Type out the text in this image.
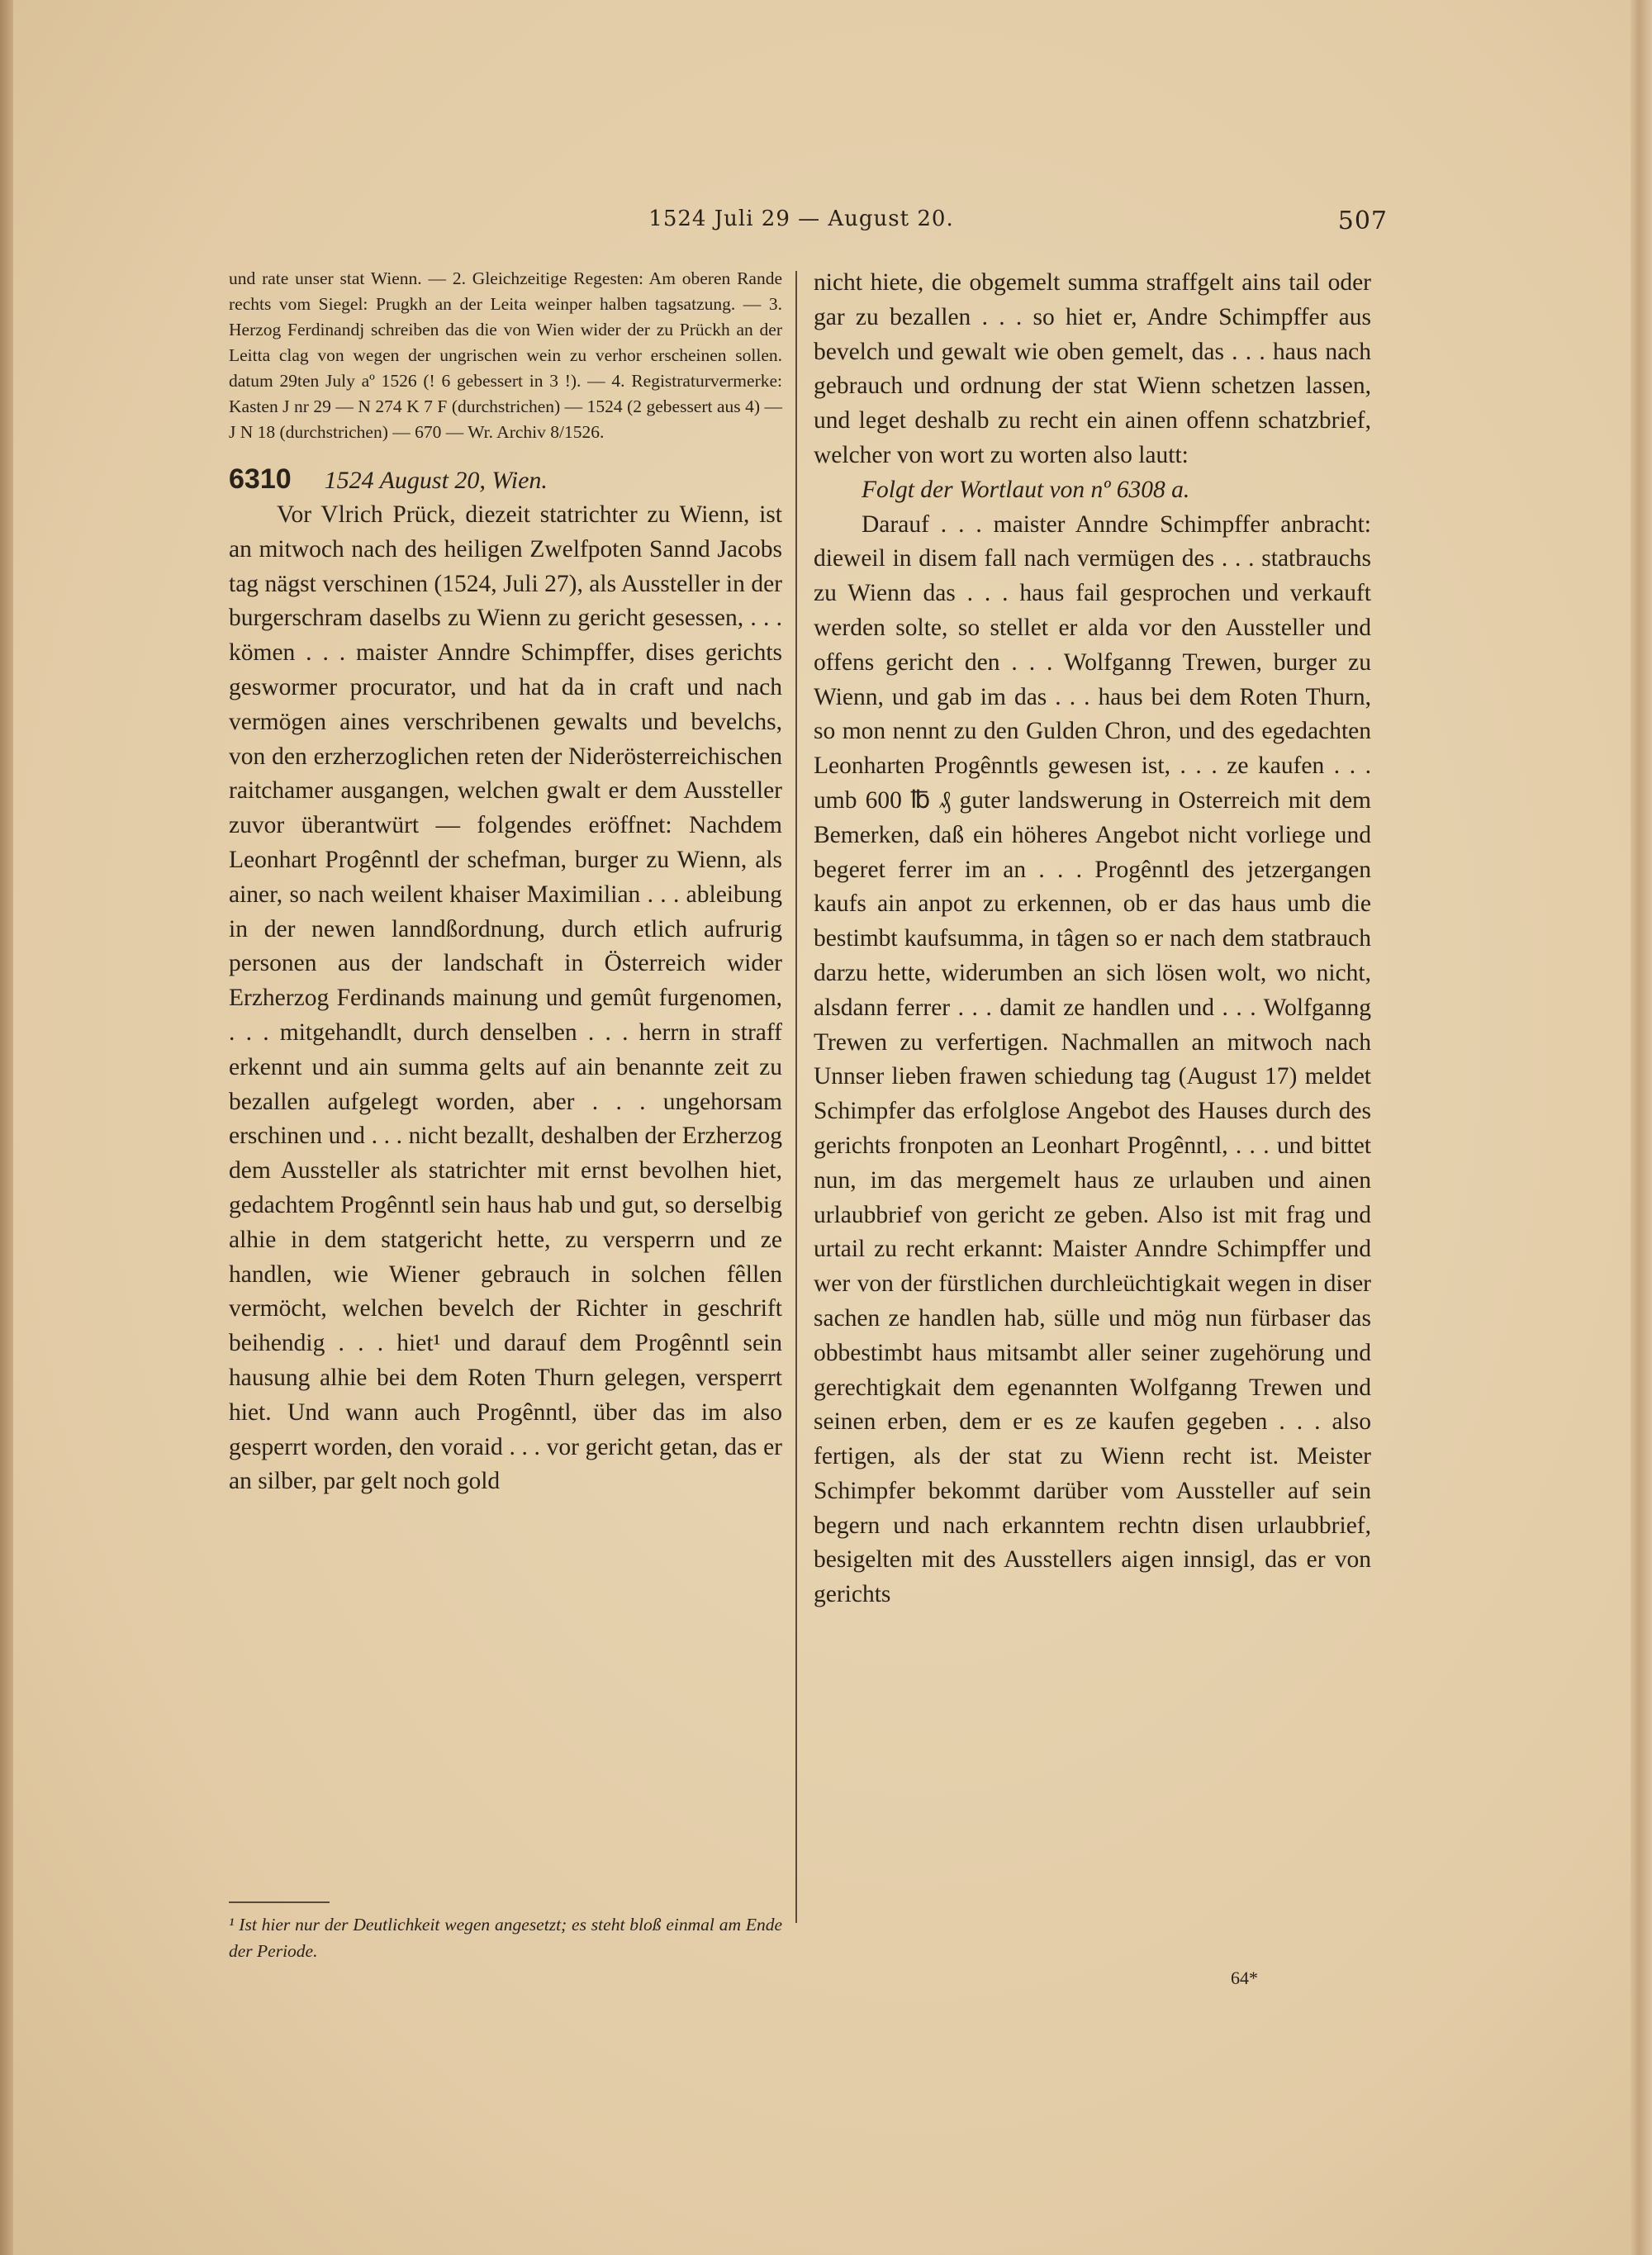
1524 Juli 29 — August 20.	507
und rate unser stat Wienn. — 2. Gleichzeitige Regesten: Am oberen Rande rechts vom Siegel: Prugkh an der Leita weinper halben tagsatzung. — 3. Herzog Ferdinandj schreiben das die von Wien wider der zu Prückh an der Leitta clag von wegen der ungrischen wein zu verhor erscheinen sollen. datum 29ten July aº 1526 (! 6 gebessert in 3 !). — 4. Registraturvermerke: Kasten J nr 29 — N 274 K 7 F (durchstrichen) — 1524 (2 gebessert aus 4) — J N 18 (durchstrichen) — 670 — Wr. Archiv 8/1526.
6310 1524 August 20, Wien.
Vor Vlrich Prück, diezeit statrichter zu Wienn, ist an mitwoch nach des heiligen Zwelfpoten Sannd Jacobs tag nägst verschinen (1524, Juli 27), als Aussteller in der burgerschram daselbs zu Wienn zu gericht gesessen, . . . kömen . . . maister Anndre Schimpffer, dises gerichts geswormer procurator, und hat da in craft und nach vermögen aines verschribenen gewalts und bevelchs, von den erzherzoglichen reten der Niderösterreichischen raitchamer ausgangen, welchen gwalt er dem Aussteller zuvor überantwürt — folgendes eröffnet: Nachdem Leonhart Progênntl der schefman, burger zu Wienn, als ainer, so nach weilent khaiser Maximilian . . . ableibung in der newen lanndßordnung, durch etlich aufrurig personen aus der landschaft in Österreich wider Erzherzog Ferdinands mainung und gemût furgenomen, . . . mitgehandlt, durch denselben . . . herrn in straff erkennt und ain summa gelts auf ain benannte zeit zu bezallen aufgelegt worden, aber . . . ungehorsam erschinen und . . . nicht bezallt, deshalben der Erzherzog dem Aussteller als statrichter mit ernst bevolhen hiet, gedachtem Progênntl sein haus hab und gut, so derselbig alhie in dem statgericht hette, zu versperrn und ze handlen, wie Wiener gebrauch in solchen fêllen vermöcht, welchen bevelch der Richter in geschrift beihendig . . . hiet¹ und darauf dem Progênntl sein hausung alhie bei dem Roten Thurn gelegen, versperrt hiet. Und wann auch Progênntl, über das im also gesperrt worden, den voraid . . . vor gericht getan, das er an silber, par gelt noch gold
nicht hiete, die obgemelt summa straffgelt ains tail oder gar zu bezallen . . . so hiet er, Andre Schimpffer aus bevelch und gewalt wie oben gemelt, das . . . haus nach gebrauch und ordnung der stat Wienn schetzen lassen, und leget deshalb zu recht ein ainen offenn schatzbrief, welcher von wort zu worten also lautt:
Folgt der Wortlaut von nº 6308 a.
Darauf . . . maister Anndre Schimpffer anbracht: dieweil in disem fall nach vermügen des . . . statbrauchs zu Wienn das . . . haus fail gesprochen und verkauft werden solte, so stellet er alda vor den Aussteller und offens gericht den . . . Wolfganng Trewen, burger zu Wienn, und gab im das . . . haus bei dem Roten Thurn, so mon nennt zu den Gulden Chron, und des egedachten Leonharten Progênntls gewesen ist, . . . ze kaufen . . . umb 600 ℔ ₰ guter landswerung in Osterreich mit dem Bemerken, daß ein höheres Angebot nicht vorliege und begeret ferrer im an . . . Progênntl des jetzergangen kaufs ain anpot zu erkennen, ob er das haus umb die bestimbt kaufsumma, in tâgen so er nach dem statbrauch darzu hette, widerumben an sich lösen wolt, wo nicht, alsdann ferrer . . . damit ze handlen und . . . Wolfganng Trewen zu verfertigen. Nachmallen an mitwoch nach Unnser lieben frawen schiedung tag (August 17) meldet Schimpfer das erfolglose Angebot des Hauses durch des gerichts fronpoten an Leonhart Progênntl, . . . und bittet nun, im das mergemelt haus ze urlauben und ainen urlaubbrief von gericht ze geben. Also ist mit frag und urtail zu recht erkannt: Maister Anndre Schimpffer und wer von der fürstlichen durchleüchtigkait wegen in diser sachen ze handlen hab, sülle und mög nun fürbaser das obbestimbt haus mitsambt aller seiner zugehörung und gerechtigkait dem egenannten Wolfganng Trewen und seinen erben, dem er es ze kaufen gegeben . . . also fertigen, als der stat zu Wienn recht ist. Meister Schimpfer bekommt darüber vom Aussteller auf sein begern und nach erkanntem rechtn disen urlaubbrief, besigelten mit des Ausstellers aigen innsigl, das er von gerichts
¹ Ist hier nur der Deutlichkeit wegen angesetzt; es steht bloß einmal am Ende der Periode.
64*
